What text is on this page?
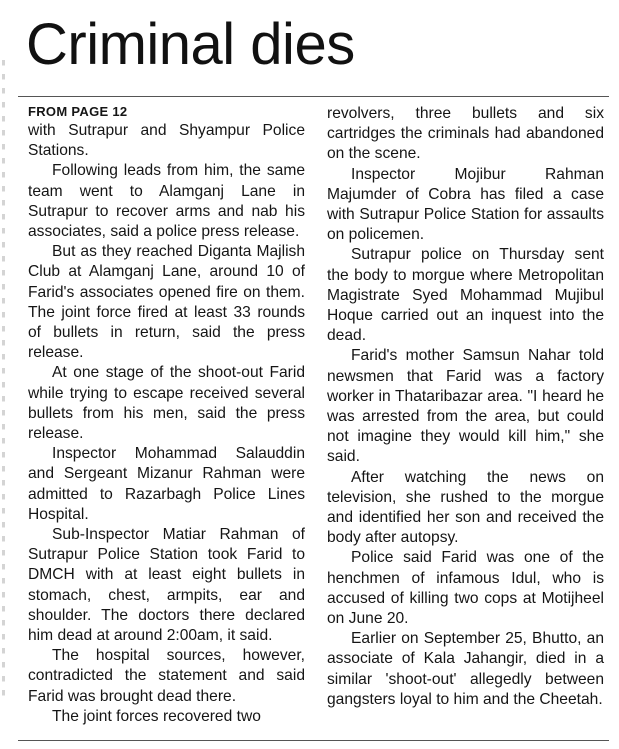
Criminal dies
FROM PAGE 12

with Sutrapur and Shyampur Police Stations.

Following leads from him, the same team went to Alamganj Lane in Sutrapur to recover arms and nab his associates, said a police press release.

But as they reached Diganta Majlish Club at Alamganj Lane, around 10 of Farid's associates opened fire on them. The joint force fired at least 33 rounds of bullets in return, said the press release.

At one stage of the shoot-out Farid while trying to escape received several bullets from his men, said the press release.

Inspector Mohammad Salauddin and Sergeant Mizanur Rahman were admitted to Razarbagh Police Lines Hospital.

Sub-Inspector Matiar Rahman of Sutrapur Police Station took Farid to DMCH with at least eight bullets in stomach, chest, armpits, ear and shoulder. The doctors there declared him dead at around 2:00am, it said.

The hospital sources, however, contradicted the statement and said Farid was brought dead there.

The joint forces recovered two

revolvers, three bullets and six cartridges the criminals had abandoned on the scene.

Inspector Mojibur Rahman Majumder of Cobra has filed a case with Sutrapur Police Station for assaults on policemen.

Sutrapur police on Thursday sent the body to morgue where Metropolitan Magistrate Syed Mohammad Mujibul Hoque carried out an inquest into the dead.

Farid's mother Samsun Nahar told newsmen that Farid was a factory worker in Thataribazar area. "I heard he was arrested from the area, but could not imagine they would kill him," she said.

After watching the news on television, she rushed to the morgue and identified her son and received the body after autopsy.

Police said Farid was one of the henchmen of infamous Idul, who is accused of killing two cops at Motijheel on June 20.

Earlier on September 25, Bhutto, an associate of Kala Jahangir, died in a similar 'shoot-out' allegedly between gangsters loyal to him and the Cheetah.
